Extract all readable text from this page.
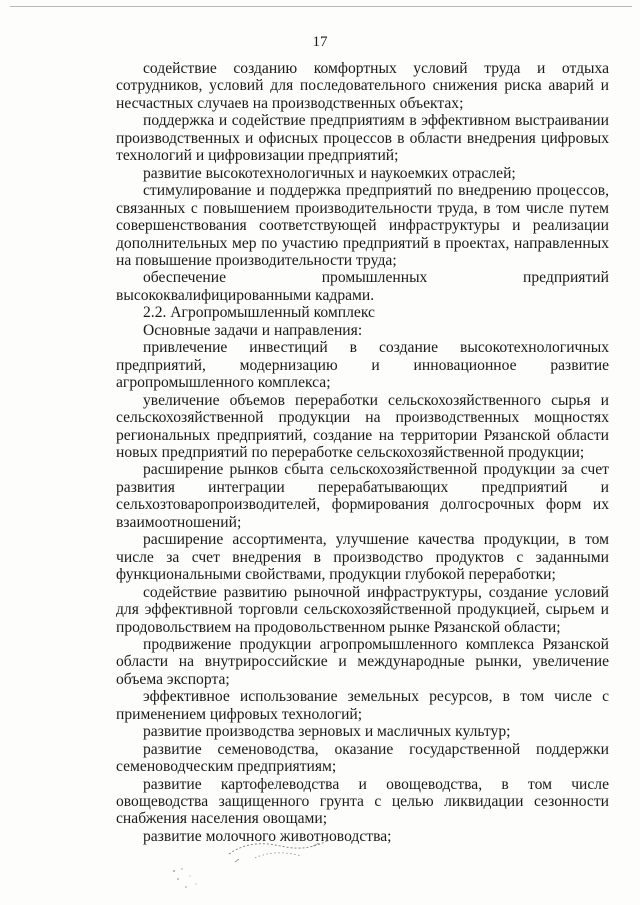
17

содействие созданию комфортных условий труда и отдыха сотрудников, условий для последовательного снижения риска аварий и несчастных случаев на производственных объектах;

поддержка и содействие предприятиям в эффективном выстраивании производственных и офисных процессов в области внедрения цифровых технологий и цифровизации предприятий;

развитие высокотехнологичных и наукоемких отраслей;

стимулирование и поддержка предприятий по внедрению процессов, связанных с повышением производительности труда, в том числе путем совершенствования соответствующей инфраструктуры и реализации дополнительных мер по участию предприятий в проектах, направленных на повышение производительности труда;

обеспечение промышленных предприятий высококвалифицированными кадрами.

2.2. Агропромышленный комплекс

Основные задачи и направления:

привлечение инвестиций в создание высокотехнологичных предприятий, модернизацию и инновационное развитие агропромышленного комплекса;

увеличение объемов переработки сельскохозяйственного сырья и сельскохозяйственной продукции на производственных мощностях региональных предприятий, создание на территории Рязанской области новых предприятий по переработке сельскохозяйственной продукции;

расширение рынков сбыта сельскохозяйственной продукции за счет развития интеграции перерабатывающих предприятий и сельхозтоваропроизводителей, формирования долгосрочных форм их взаимоотношений;

расширение ассортимента, улучшение качества продукции, в том числе за счет внедрения в производство продуктов с заданными функциональными свойствами, продукции глубокой переработки;

содействие развитию рыночной инфраструктуры, создание условий для эффективной торговли сельскохозяйственной продукцией, сырьем и продовольствием на продовольственном рынке Рязанской области;

продвижение продукции агропромышленного комплекса Рязанской области на внутрироссийские и международные рынки, увеличение объема экспорта;

эффективное использование земельных ресурсов, в том числе с применением цифровых технологий;

развитие производства зерновых и масличных культур;

развитие семеноводства, оказание государственной поддержки семеноводческим предприятиям;

развитие картофелеводства и овощеводства, в том числе овощеводства защищенного грунта с целью ликвидации сезонности снабжения населения овощами;

развитие молочного животноводства;
